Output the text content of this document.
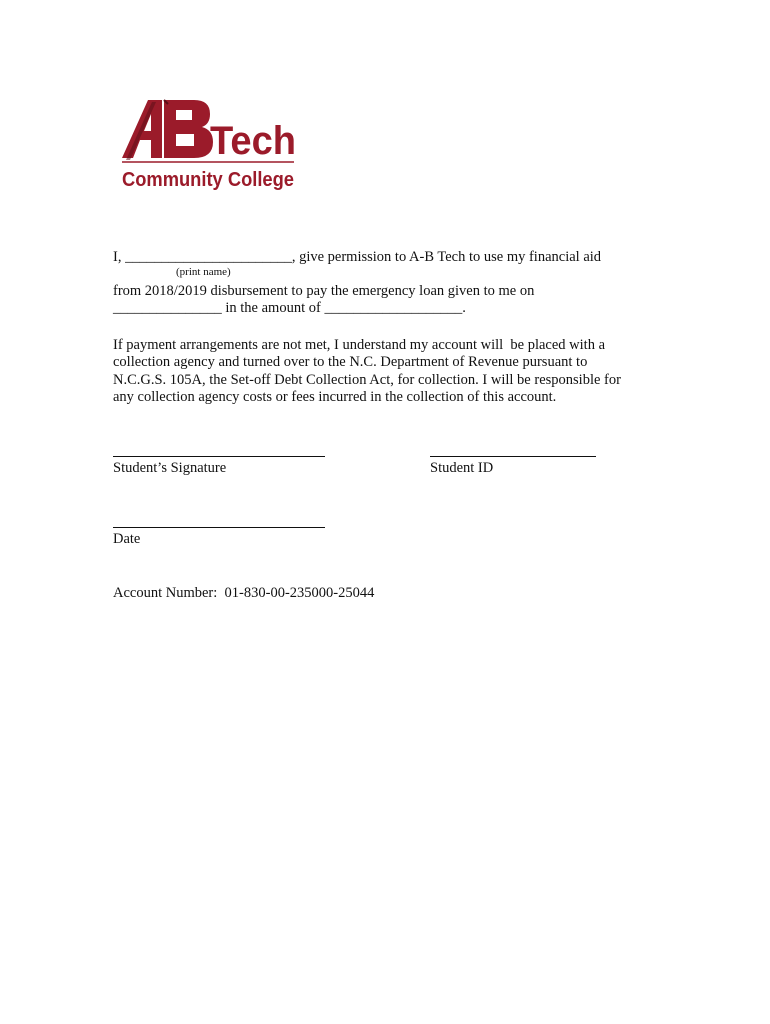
Tech
Community College
I, _______________________, give permission to A-B Tech to use my financial aid
(print name)
from 2018/2019 disbursement to pay the emergency loan given to me on
_______________ in the amount of ___________________.
If payment arrangements are not met, I understand my account will  be placed with a
collection agency and turned over to the N.C. Department of Revenue pursuant to
N.C.G.S. 105A, the Set-off Debt Collection Act, for collection. I will be responsible for
any collection agency costs or fees incurred in the collection of this account.
Student’s Signature	Student ID
Date
Account Number:  01-830-00-235000-25044
